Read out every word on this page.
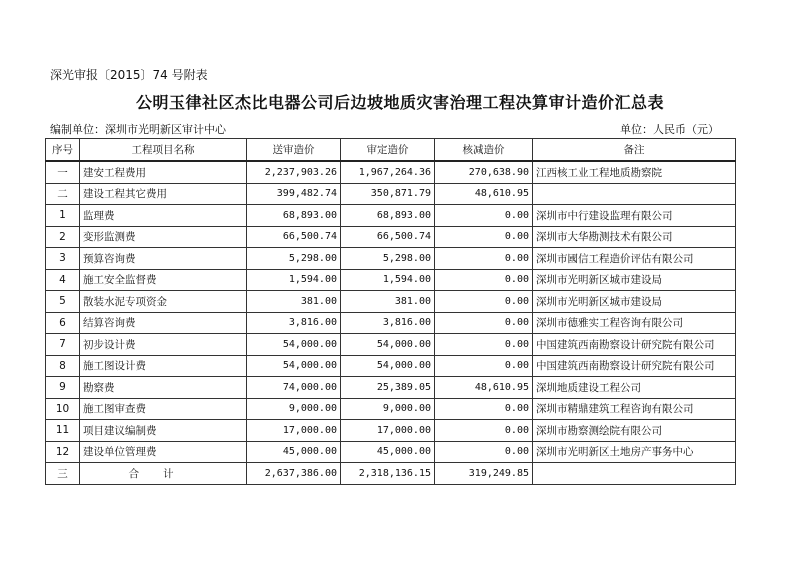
深光审报〔2015〕74 号附表
公明玉律社区杰比电器公司后边坡地质灾害治理工程决算审计造价汇总表
编制单位：深圳市光明新区审计中心	单位：人民币（元）
序号	工程项目名称	送审造价	审定造价	核减造价	备注
一	建安工程费用	2,237,903.26	1,967,264.36	270,638.90	江西核工业工程地质勘察院
二	建设工程其它费用	399,482.74	350,871.79	48,610.95	
1	监理费	68,893.00	68,893.00	0.00	深圳市中行建设监理有限公司
2	变形监测费	66,500.74	66,500.74	0.00	深圳市大华勘测技术有限公司
3	预算咨询费	5,298.00	5,298.00	0.00	深圳市國信工程造价评估有限公司
4	施工安全监督费	1,594.00	1,594.00	0.00	深圳市光明新区城市建设局
5	散装水泥专项资金	381.00	381.00	0.00	深圳市光明新区城市建设局
6	结算咨询费	3,816.00	3,816.00	0.00	深圳市德雅实工程咨询有限公司
7	初步设计费	54,000.00	54,000.00	0.00	中国建筑西南勘察设计研究院有限公司
8	施工图设计费	54,000.00	54,000.00	0.00	中国建筑西南勘察设计研究院有限公司
9	勘察费	74,000.00	25,389.05	48,610.95	深圳地质建设工程公司
10	施工图审查费	9,000.00	9,000.00	0.00	深圳市精鼎建筑工程咨询有限公司
11	项目建议编制费	17,000.00	17,000.00	0.00	深圳市勘察测绘院有限公司
12	建设单位管理费	45,000.00	45,000.00	0.00	深圳市光明新区土地房产事务中心
三	合计	2,637,386.00	2,318,136.15	319,249.85	
